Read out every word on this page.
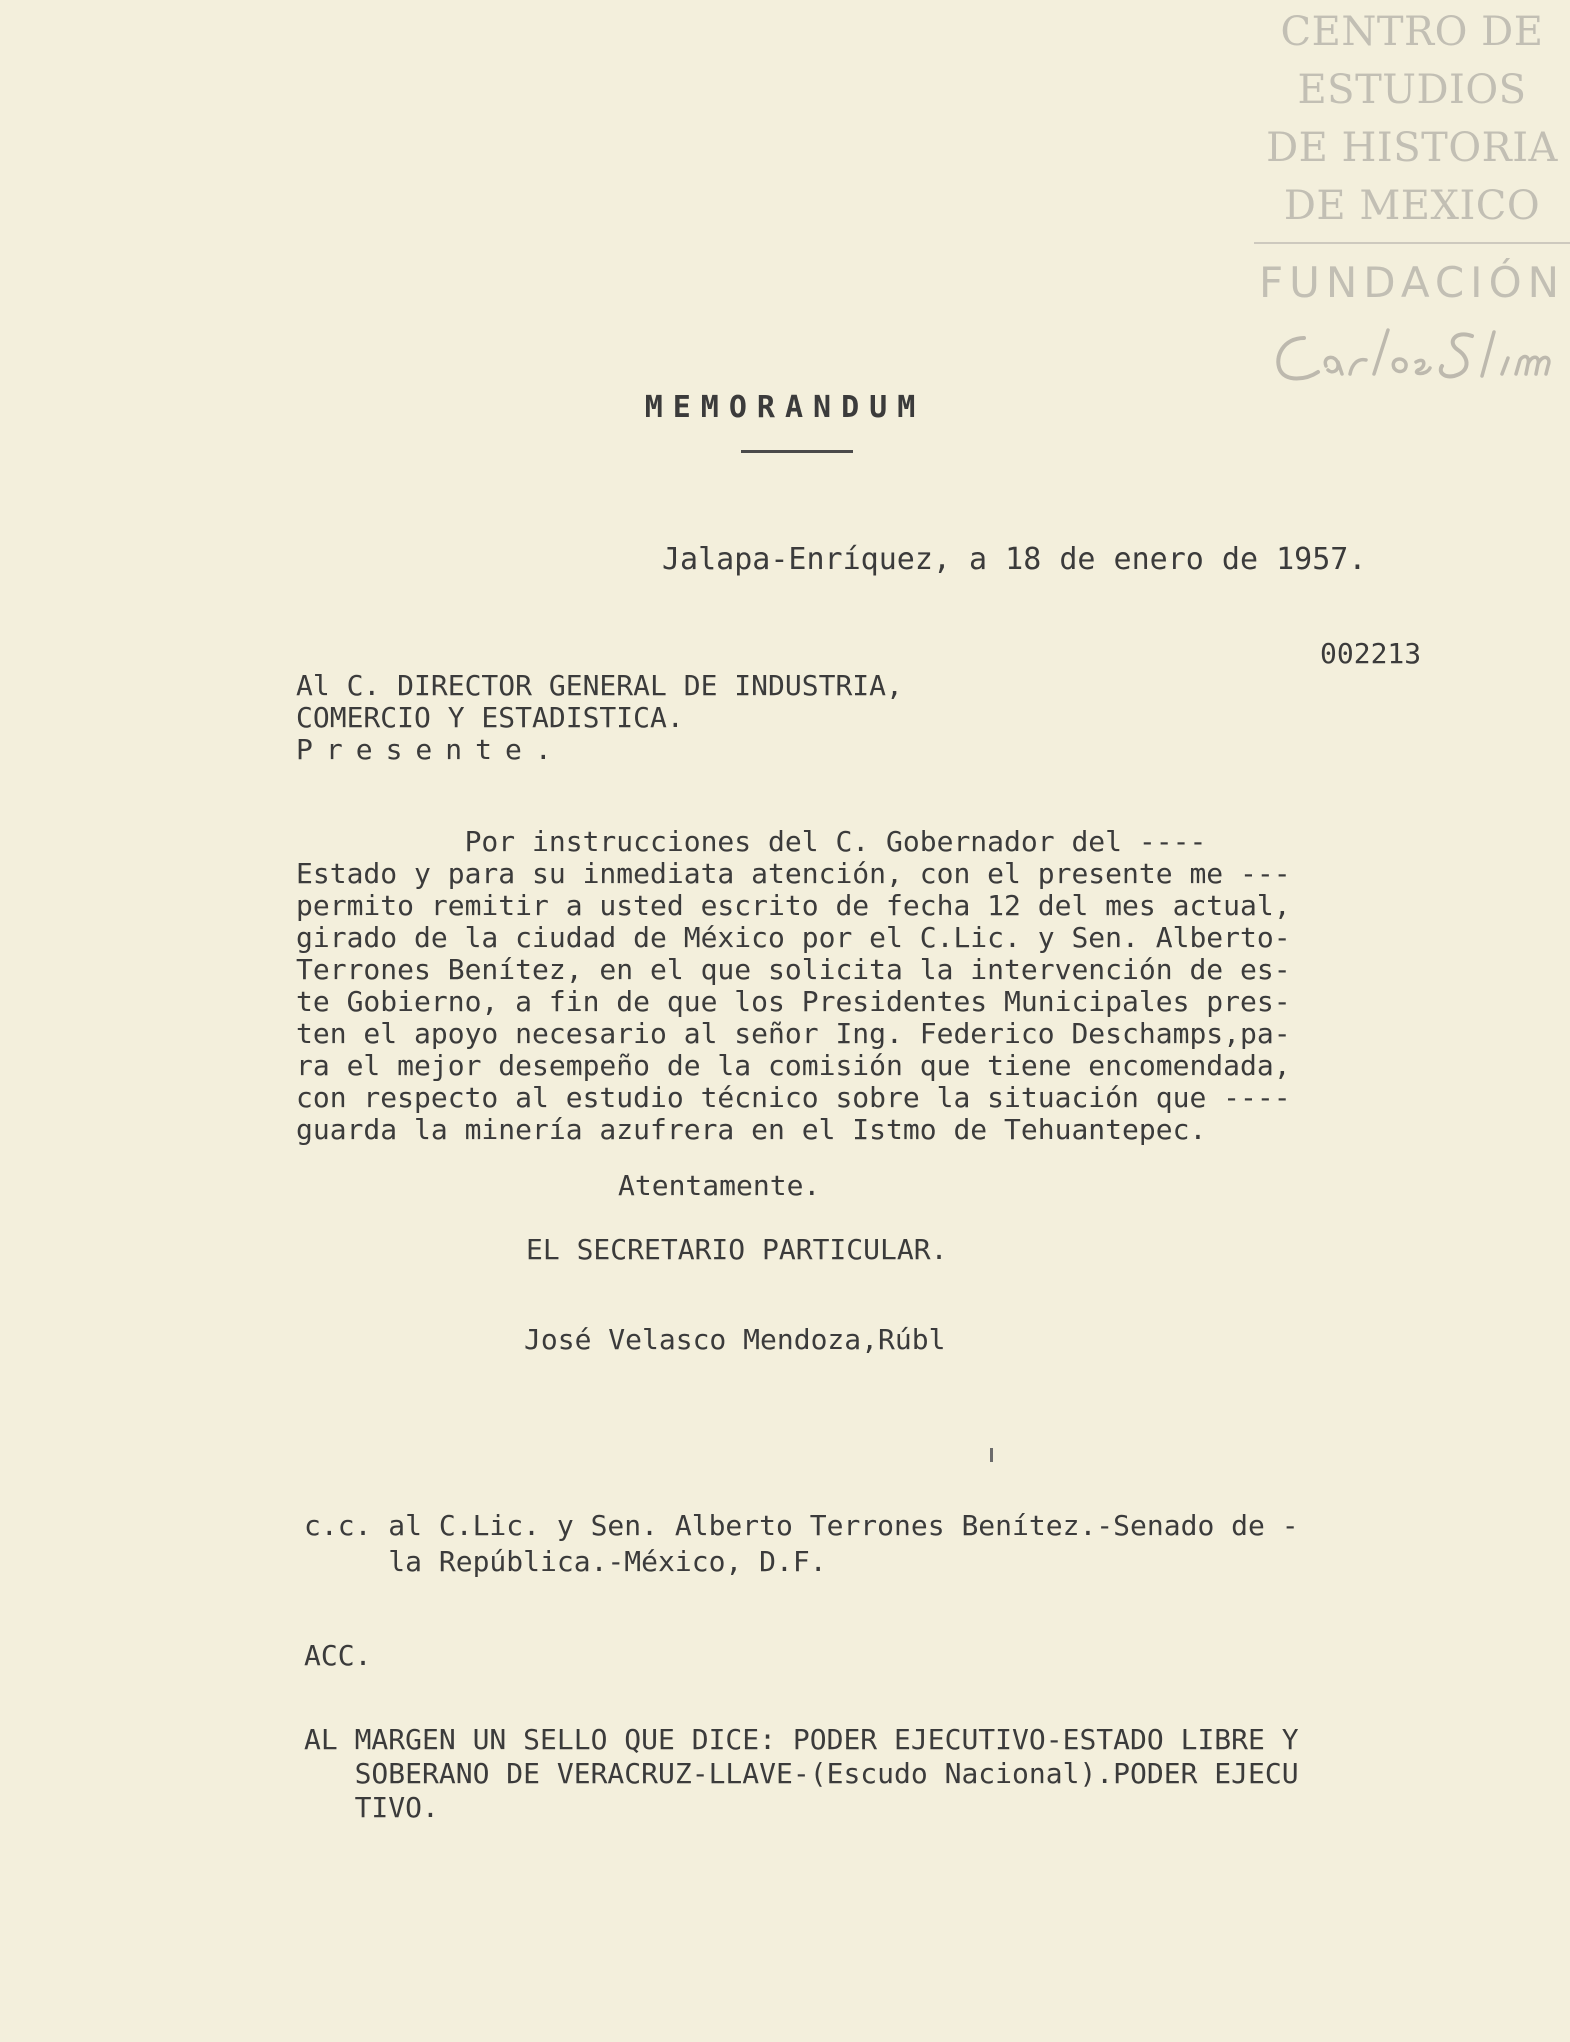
CENTRO DE
ESTUDIOS
DE HISTORIA
DE MEXICO
FUNDACIÓN
MEMORANDUM
Jalapa-Enríquez, a 18 de enero de 1957.
002213
Al C. DIRECTOR GENERAL DE INDUSTRIA,
COMERCIO Y ESTADISTICA.
Presente.
Por instrucciones del C. Gobernador del ----
Estado y para su inmediata atención, con el presente me ---
permito remitir a usted escrito de fecha 12 del mes actual,
girado de la ciudad de México por el C.Lic. y Sen. Alberto-
Terrones Benítez, en el que solicita la intervención de es-
te Gobierno, a fin de que los Presidentes Municipales pres-
ten el apoyo necesario al señor Ing. Federico Deschamps,pa-
ra el mejor desempeño de la comisión que tiene encomendada,
con respecto al estudio técnico sobre la situación que ----
guarda la minería azufrera en el Istmo de Tehuantepec.
Atentamente.
EL SECRETARIO PARTICULAR.
José Velasco Mendoza,Rúbl
c.c. al C.Lic. y Sen. Alberto Terrones Benítez.-Senado de -
la República.-México, D.F.
ACC.
AL MARGEN UN SELLO QUE DICE: PODER EJECUTIVO-ESTADO LIBRE Y
SOBERANO DE VERACRUZ-LLAVE-(Escudo Nacional).PODER EJECU
TIVO.
